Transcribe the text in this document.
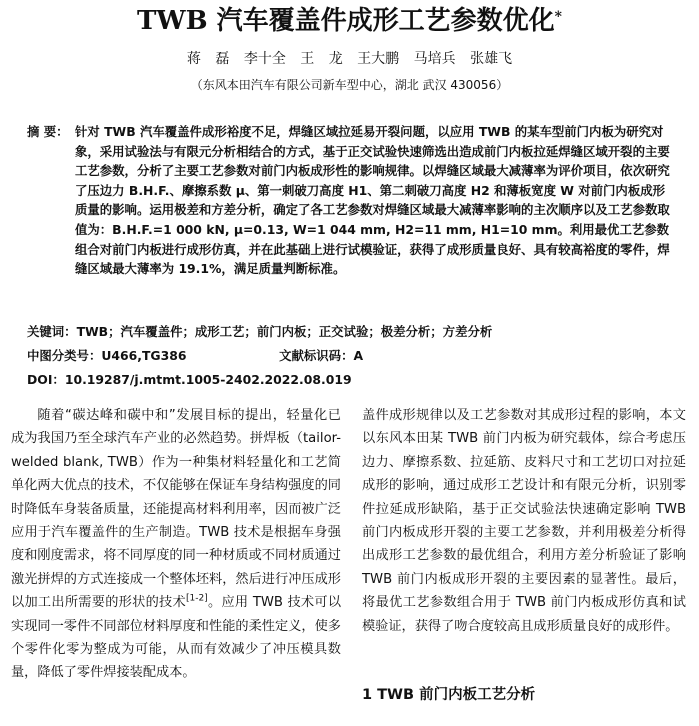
TWB 汽车覆盖件成形工艺参数优化*
蒋 磊 李十全 王 龙 王大鹏 马培兵 张雄飞
（东风本田汽车有限公司新车型中心，湖北 武汉 430056）
摘 要： 针对 TWB 汽车覆盖件成形裕度不足，焊缝区域拉延易开裂问题，以应用 TWB 的某车型前门内板为研究对象，采用试验法与有限元分析相结合的方式，基于正交试验快速筛选出造成前门内板拉延焊缝区域开裂的主要工艺参数，分析了主要工艺参数对前门内板成形性的影响规律。以焊缝区域最大减薄率为评价项目，依次研究了压边力 B.H.F.、摩擦系数 μ、第一刺破刀高度 H1、第二刺破刀高度 H2 和薄板宽度 W 对前门内板成形质量的影响。运用极差和方差分析，确定了各工艺参数对焊缝区域最大减薄率影响的主次顺序以及工艺参数取值为：B.H.F.=1 000 kN, μ=0.13, W=1 044 mm, H2=11 mm, H1=10 mm。利用最优工艺参数组合对前门内板进行成形仿真，并在此基础上进行试模验证，获得了成形质量良好、具有较高裕度的零件，焊缝区域最大薄率为 19.1%，满足质量判断标准。
关键词：TWB；汽车覆盖件；成形工艺；前门内板；正交试验；极差分析；方差分析
中图分类号：U466,TG386	文献标识码：A
DOI：10.19287/j.mtmt.1005-2402.2022.08.019

随着“碳达峰和碳中和”发展目标的提出，轻量化已成为我国乃至全球汽车产业的必然趋势。拼焊板（tailor-welded blank, TWB）作为一种集材料轻量化和工艺简单化两大优点的技术，不仅能够在保证车身结构强度的同时降低车身装备质量，还能提高材料利用率，因而被广泛应用于汽车覆盖件的生产制造。TWB 技术是根据车身强度和刚度需求，将不同厚度的同一种材质或不同材质通过激光拼焊的方式连接成一个整体坯料，然后进行冲压成形以加工出所需要的形状的技术[1-2]。应用 TWB 技术可以实现同一零件不同部位材料厚度和性能的柔性定义，使多个零件化零为整成为可能，从而有效减少了冲压模具数量，降低了零件焊接装配成本。

盖件成形规律以及工艺参数对其成形过程的影响，本文以东风本田某 TWB 前门内板为研究载体，综合考虑压边力、摩擦系数、拉延筋、皮料尺寸和工艺切口对拉延成形的影响，通过成形工艺设计和有限元分析，识别零件拉延成形缺陷，基于正交试验法快速确定影响 TWB 前门内板成形开裂的主要工艺参数，并利用极差分析得出成形工艺参数的最优组合，利用方差分析验证了影响 TWB 前门内板成形开裂的主要因素的显著性。最后，将最优工艺参数组合用于 TWB 前门内板成形仿真和试模验证，获得了吻合度较高且成形质量良好的成形件。

1 TWB 前门内板工艺分析
